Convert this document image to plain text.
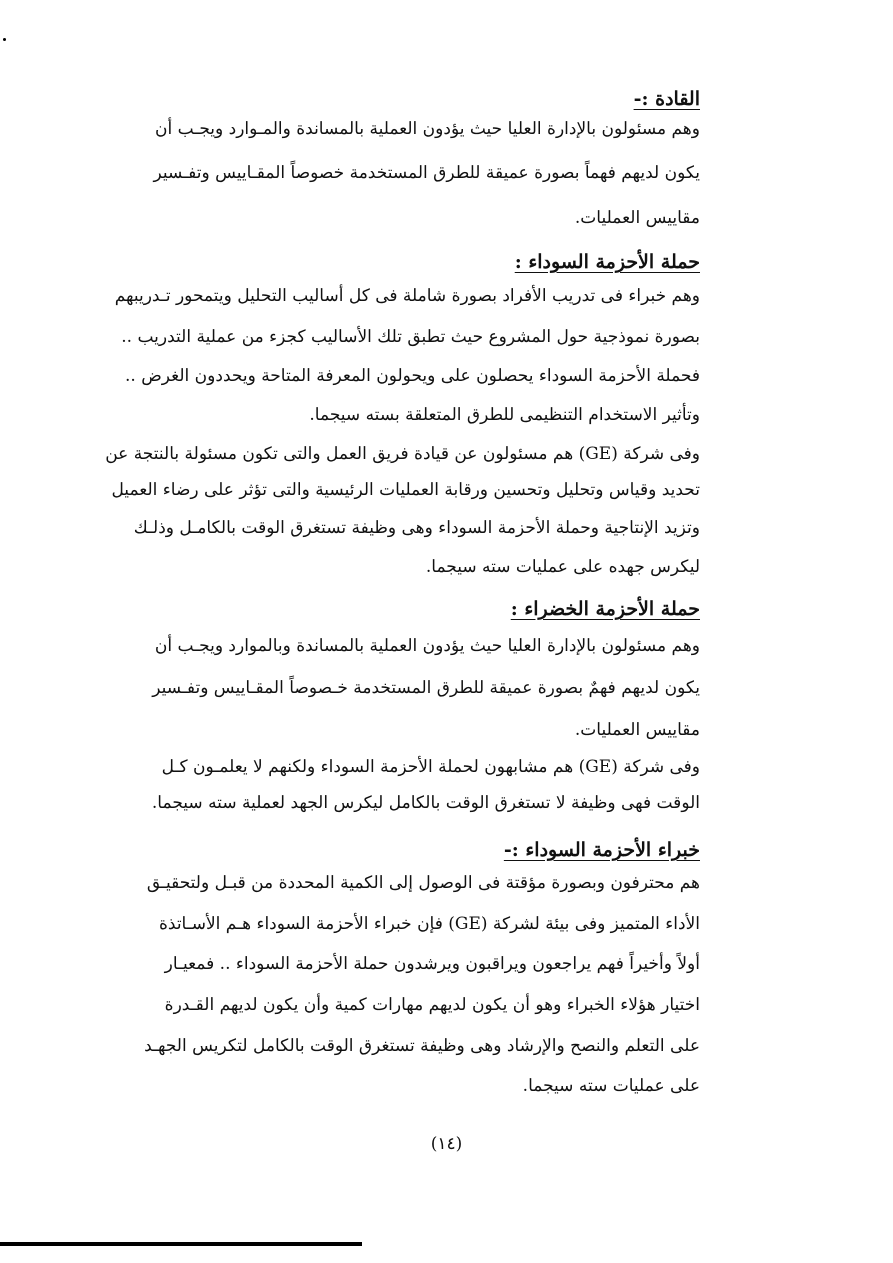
القادة :-
وهم مسئولون بالإدارة العليا حيث يؤدون العملية بالمساندة والمـوارد ويجـب أن
يكون لديهم فهماً بصورة عميقة للطرق المستخدمة خصوصاً المقـاييس وتفـسير
مقاييس العمليات.
حملة الأحزمة السوداء :
وهم خبراء فى تدريب الأفراد بصورة شاملة فى كل أساليب التحليل ويتمحور تـدريبهم
بصورة نموذجية حول المشروع حيث تطبق تلك الأساليب كجزء من عملية التدريب ..
فحملة الأحزمة السوداء يحصلون على ويحولون المعرفة المتاحة ويحددون الغرض ..
وتأثير الاستخدام التنظيمى للطرق المتعلقة بسته سيجما.
وفى شركة (GE) هم مسئولون عن قيادة فريق العمل والتى تكون مسئولة بالنتجة عن
تحديد وقياس وتحليل وتحسين ورقابة العمليات الرئيسية والتى تؤثر على رضاء العميل
وتزيد الإنتاجية وحملة الأحزمة السوداء وهى وظيفة تستغرق الوقت بالكامـل وذلـك
ليكرس جهده على عمليات سته سيجما.
حملة الأحزمة الخضراء :
وهم مسئولون بالإدارة العليا حيث يؤدون العملية بالمساندة وبالموارد ويجـب أن
يكون لديهم فهمٌ بصورة عميقة للطرق المستخدمة خـصوصاً المقـاييس وتفـسير
مقاييس العمليات.
وفى شركة (GE) هم مشابهون لحملة الأحزمة السوداء ولكنهم لا يعلمـون كـل
الوقت فهى وظيفة لا تستغرق الوقت بالكامل ليكرس الجهد لعملية سته سيجما.
خبراء الأحزمة السوداء :-
هم محترفون وبصورة مؤقتة فى الوصول إلى الكمية المحددة من قبـل ولتحقيـق
الأداء المتميز وفى بيئة لشركة (GE) فإن خبراء الأحزمة السوداء هـم الأسـاتذة
أولاً وأخيراً فهم يراجعون ويراقبون ويرشدون حملة الأحزمة السوداء .. فمعيـار
اختيار هؤلاء الخبراء وهو أن يكون لديهم مهارات كمية وأن يكون لديهم القـدرة
على التعلم والنصح والإرشاد وهى وظيفة تستغرق الوقت بالكامل لتكريس الجهـد
على عمليات سته سيجما.
(١٤)
